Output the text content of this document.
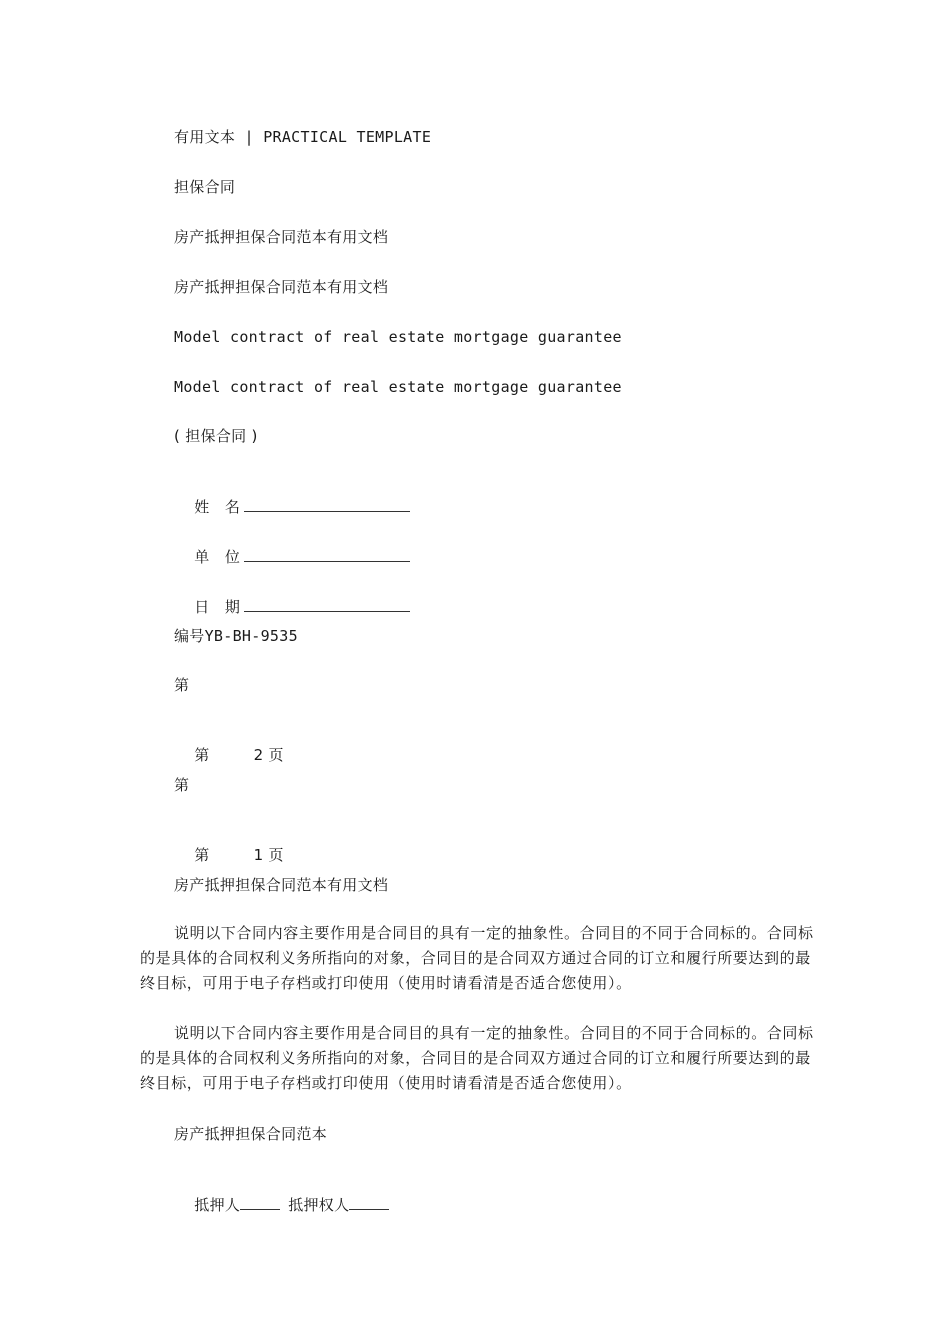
有用文本 | PRACTICAL TEMPLATE
担保合同
房产抵押担保合同范本有用文档
房产抵押担保合同范本有用文档
Model contract of real estate mortgage guarantee
Model contract of real estate mortgage guarantee
( 担保合同 )

姓　名

单　位

日　期

编号YB-BH-9535
第

第	2 页

第

第	1 页

房产抵押担保合同范本有用文档
说明以下合同内容主要作用是合同目的具有一定的抽象性。合同目的不同于合同标的。合同标的是具体的合同权利义务所指向的对象，合同目的是合同双方通过合同的订立和履行所要达到的最终目标，可用于电子存档或打印使用（使用时请看清是否适合您使用）。
说明以下合同内容主要作用是合同目的具有一定的抽象性。合同目的不同于合同标的。合同标的是具体的合同权利义务所指向的对象，合同目的是合同双方通过合同的订立和履行所要达到的最终目标，可用于电子存档或打印使用（使用时请看清是否适合您使用）。
房产抵押担保合同范本

抵押人	抵押权人
